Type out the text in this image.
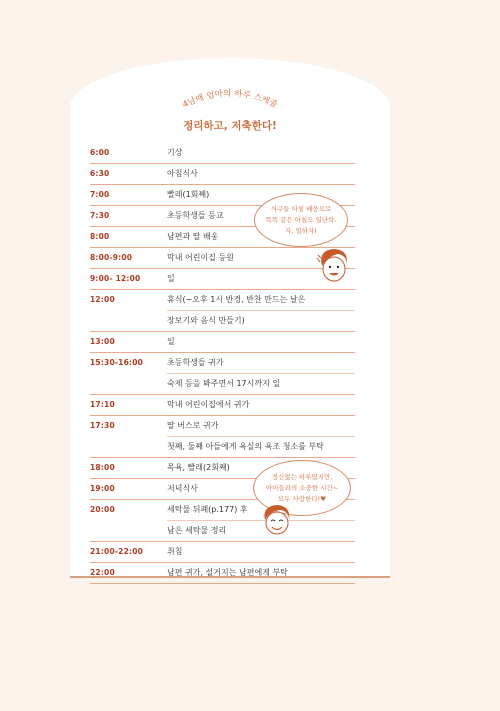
4남매 엄마의 하루 스케줄
정리하고, 저축한다!
6:00	기상
6:30	아침식사
7:00	빨래(1회째)
7:30	초등학생들 등교
8:00	남편과 딸 배웅
8:00-9:00	막내 어린이집 등원
9:00- 12:00	일
12:00	휴식(~오후 1시 반경, 반찬 만드는 날은
장보기와 음식 만들기)
13:00	일
15:30-16:00	초등학생들 귀가
숙제 등을 봐주면서 17시까지 일
17:10	막내 어린이집에서 귀가
17:30	딸 버스로 귀가
첫째, 둘째 아들에게 욕실의 욕조 청소를 부탁
18:00	목욕, 빨래(2회째)
19:00	저녁식사
20:00	세탁물 뒤폐(p.177) 후
남은 세탁물 정리
21:00-22:00	취침
22:00	남편 귀가, 설거지는 남편에게 부탁
식구들 아침 배웅으로
똑똑 같은 아침도 일단락.
자, 일하자!
정신없는 하루였지만,
아이들과의 소중한 시간~
모두 사랑한다!♥
